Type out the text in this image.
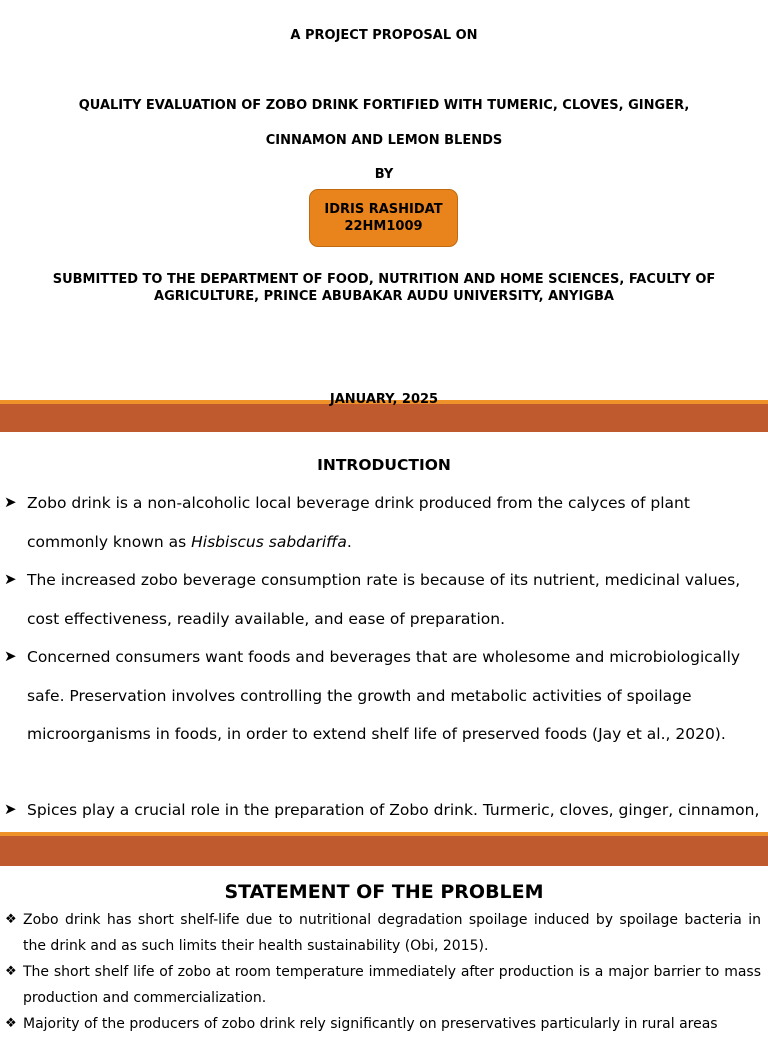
A PROJECT PROPOSAL ON
QUALITY EVALUATION OF ZOBO DRINK FORTIFIED WITH TUMERIC, CLOVES, GINGER,
CINNAMON AND LEMON BLENDS
BY
IDRIS RASHIDAT
22HM1009
SUBMITTED TO THE DEPARTMENT OF FOOD, NUTRITION AND HOME SCIENCES, FACULTY OF
AGRICULTURE, PRINCE ABUBAKAR AUDU UNIVERSITY, ANYIGBA
JANUARY, 2025
INTRODUCTION
➤ Zobo drink is a non-alcoholic local beverage drink produced from the calyces of plant commonly known as Hisbiscus sabdariffa.
➤ The increased zobo beverage consumption rate is because of its nutrient, medicinal values, cost effectiveness, readily available, and ease of preparation.
➤ Concerned consumers want foods and beverages that are wholesome and microbiologically safe. Preservation involves controlling the growth and metabolic activities of spoilage microorganisms in foods, in order to extend shelf life of preserved foods (Jay et al., 2020).
➤ Spices play a crucial role in the preparation of Zobo drink. Turmeric, cloves, ginger, cinnamon,
STATEMENT OF THE PROBLEM
❖ Zobo drink has short shelf-life due to nutritional degradation spoilage induced by spoilage bacteria in the drink and as such limits their health sustainability (Obi, 2015).
❖ The short shelf life of zobo at room temperature immediately after production is a major barrier to mass production and commercialization.
❖ Majority of the producers of zobo drink rely significantly on preservatives particularly in rural areas
